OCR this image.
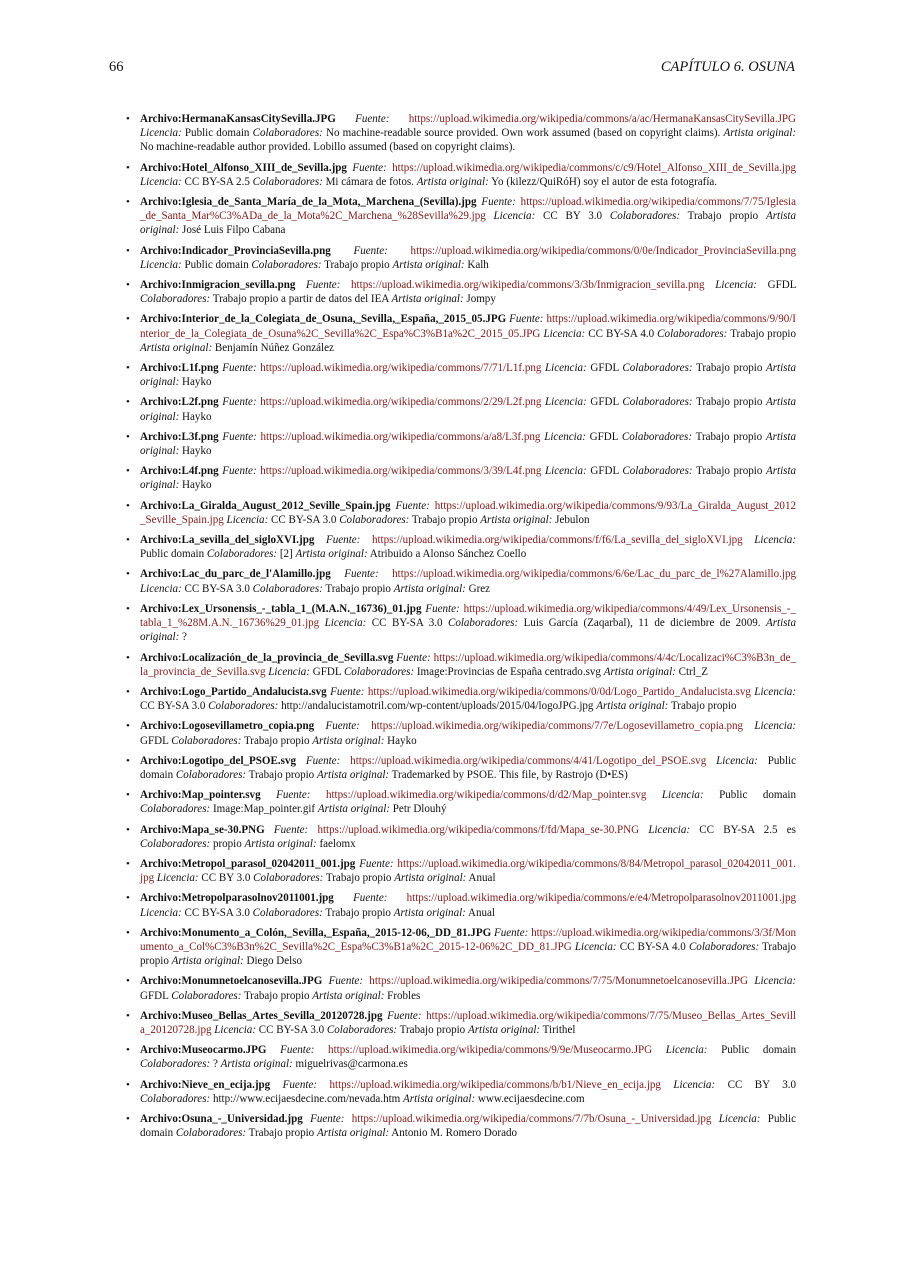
66	CAPÍTULO 6. OSUNA
• Archivo:HermanaKansasCitySevilla.JPG Fuente: https://upload.wikimedia.org/wikipedia/commons/a/ac/HermanaKansasCitySevilla.JPG Licencia: Public domain Colaboradores: No machine-readable source provided. Own work assumed (based on copyright claims). Artista original: No machine-readable author provided. Lobillo assumed (based on copyright claims).
• Archivo:Hotel_Alfonso_XIII_de_Sevilla.jpg Fuente: https://upload.wikimedia.org/wikipedia/commons/c/c9/Hotel_Alfonso_XIII_de_Sevilla.jpg Licencia: CC BY-SA 2.5 Colaboradores: Mi cámara de fotos. Artista original: Yo (kilezz/QuiRóH) soy el autor de esta fotografía.
• Archivo:Iglesia_de_Santa_María_de_la_Mota,_Marchena_(Sevilla).jpg Fuente: https://upload.wikimedia.org/wikipedia/commons/7/75/Iglesia_de_Santa_Mar%C3%ADa_de_la_Mota%2C_Marchena_%28Sevilla%29.jpg Licencia: CC BY 3.0 Colaboradores: Trabajo propio Artista original: José Luis Filpo Cabana
• Archivo:Indicador_ProvinciaSevilla.png Fuente: https://upload.wikimedia.org/wikipedia/commons/0/0e/Indicador_ProvinciaSevilla.png Licencia: Public domain Colaboradores: Trabajo propio Artista original: Kalh
• Archivo:Inmigracion_sevilla.png Fuente: https://upload.wikimedia.org/wikipedia/commons/3/3b/Inmigracion_sevilla.png Licencia: GFDL Colaboradores: Trabajo propio a partir de datos del IEA Artista original: Jompy
• Archivo:Interior_de_la_Colegiata_de_Osuna,_Sevilla,_España,_2015_05.JPG Fuente: https://upload.wikimedia.org/wikipedia/commons/9/90/Interior_de_la_Colegiata_de_Osuna%2C_Sevilla%2C_Espa%C3%B1a%2C_2015_05.JPG Licencia: CC BY-SA 4.0 Colaboradores: Trabajo propio Artista original: Benjamín Núñez González
• Archivo:L1f.png Fuente: https://upload.wikimedia.org/wikipedia/commons/7/71/L1f.png Licencia: GFDL Colaboradores: Trabajo propio Artista original: Hayko
• Archivo:L2f.png Fuente: https://upload.wikimedia.org/wikipedia/commons/2/29/L2f.png Licencia: GFDL Colaboradores: Trabajo propio Artista original: Hayko
• Archivo:L3f.png Fuente: https://upload.wikimedia.org/wikipedia/commons/a/a8/L3f.png Licencia: GFDL Colaboradores: Trabajo propio Artista original: Hayko
• Archivo:L4f.png Fuente: https://upload.wikimedia.org/wikipedia/commons/3/39/L4f.png Licencia: GFDL Colaboradores: Trabajo propio Artista original: Hayko
• Archivo:La_Giralda_August_2012_Seville_Spain.jpg Fuente: https://upload.wikimedia.org/wikipedia/commons/9/93/La_Giralda_August_2012_Seville_Spain.jpg Licencia: CC BY-SA 3.0 Colaboradores: Trabajo propio Artista original: Jebulon
• Archivo:La_sevilla_del_sigloXVI.jpg Fuente: https://upload.wikimedia.org/wikipedia/commons/f/f6/La_sevilla_del_sigloXVI.jpg Licencia: Public domain Colaboradores: [2] Artista original: Atribuido a Alonso Sánchez Coello
• Archivo:Lac_du_parc_de_l'Alamillo.jpg Fuente: https://upload.wikimedia.org/wikipedia/commons/6/6e/Lac_du_parc_de_l%27Alamillo.jpg Licencia: CC BY-SA 3.0 Colaboradores: Trabajo propio Artista original: Grez
• Archivo:Lex_Ursonensis_-_tabla_1_(M.A.N._16736)_01.jpg Fuente: https://upload.wikimedia.org/wikipedia/commons/4/49/Lex_Ursonensis_-_tabla_1_%28M.A.N._16736%29_01.jpg Licencia: CC BY-SA 3.0 Colaboradores: Luis García (Zaqarbal), 11 de diciembre de 2009. Artista original: ?
• Archivo:Localización_de_la_provincia_de_Sevilla.svg Fuente: https://upload.wikimedia.org/wikipedia/commons/4/4c/Localizaci%C3%B3n_de_la_provincia_de_Sevilla.svg Licencia: GFDL Colaboradores: Image:Provincias de España centrado.svg Artista original: Ctrl_Z
• Archivo:Logo_Partido_Andalucista.svg Fuente: https://upload.wikimedia.org/wikipedia/commons/0/0d/Logo_Partido_Andalucista.svg Licencia: CC BY-SA 3.0 Colaboradores: http://andalucistamotril.com/wp-content/uploads/2015/04/logoJPG.jpg Artista original: Trabajo propio
• Archivo:Logosevillametro_copia.png Fuente: https://upload.wikimedia.org/wikipedia/commons/7/7e/Logosevillametro_copia.png Licencia: GFDL Colaboradores: Trabajo propio Artista original: Hayko
• Archivo:Logotipo_del_PSOE.svg Fuente: https://upload.wikimedia.org/wikipedia/commons/4/41/Logotipo_del_PSOE.svg Licencia: Public domain Colaboradores: Trabajo propio Artista original: Trademarked by PSOE. This file, by Rastrojo (D•ES)
• Archivo:Map_pointer.svg Fuente: https://upload.wikimedia.org/wikipedia/commons/d/d2/Map_pointer.svg Licencia: Public domain Colaboradores: Image:Map_pointer.gif Artista original: Petr Dlouhý
• Archivo:Mapa_se-30.PNG Fuente: https://upload.wikimedia.org/wikipedia/commons/f/fd/Mapa_se-30.PNG Licencia: CC BY-SA 2.5 es Colaboradores: propio Artista original: faelomx
• Archivo:Metropol_parasol_02042011_001.jpg Fuente: https://upload.wikimedia.org/wikipedia/commons/8/84/Metropol_parasol_02042011_001.jpg Licencia: CC BY 3.0 Colaboradores: Trabajo propio Artista original: Anual
• Archivo:Metropolparasolnov2011001.jpg Fuente: https://upload.wikimedia.org/wikipedia/commons/e/e4/Metropolparasolnov2011001.jpg Licencia: CC BY-SA 3.0 Colaboradores: Trabajo propio Artista original: Anual
• Archivo:Monumento_a_Colón,_Sevilla,_España,_2015-12-06,_DD_81.JPG Fuente: https://upload.wikimedia.org/wikipedia/commons/3/3f/Monumento_a_Col%C3%B3n%2C_Sevilla%2C_Espa%C3%B1a%2C_2015-12-06%2C_DD_81.JPG Licencia: CC BY-SA 4.0 Colaboradores: Trabajo propio Artista original: Diego Delso
• Archivo:Monumnetoelcanosevilla.JPG Fuente: https://upload.wikimedia.org/wikipedia/commons/7/75/Monumnetoelcanosevilla.JPG Licencia: GFDL Colaboradores: Trabajo propio Artista original: Frobles
• Archivo:Museo_Bellas_Artes_Sevilla_20120728.jpg Fuente: https://upload.wikimedia.org/wikipedia/commons/7/75/Museo_Bellas_Artes_Sevilla_20120728.jpg Licencia: CC BY-SA 3.0 Colaboradores: Trabajo propio Artista original: Tirithel
• Archivo:Museocarmo.JPG Fuente: https://upload.wikimedia.org/wikipedia/commons/9/9e/Museocarmo.JPG Licencia: Public domain Colaboradores: ? Artista original: miguelrivas@carmona.es
• Archivo:Nieve_en_ecija.jpg Fuente: https://upload.wikimedia.org/wikipedia/commons/b/b1/Nieve_en_ecija.jpg Licencia: CC BY 3.0 Colaboradores: http://www.ecijaesdecine.com/nevada.htm Artista original: www.ecijaesdecine.com
• Archivo:Osuna_-_Universidad.jpg Fuente: https://upload.wikimedia.org/wikipedia/commons/7/7b/Osuna_-_Universidad.jpg Licencia: Public domain Colaboradores: Trabajo propio Artista original: Antonio M. Romero Dorado
